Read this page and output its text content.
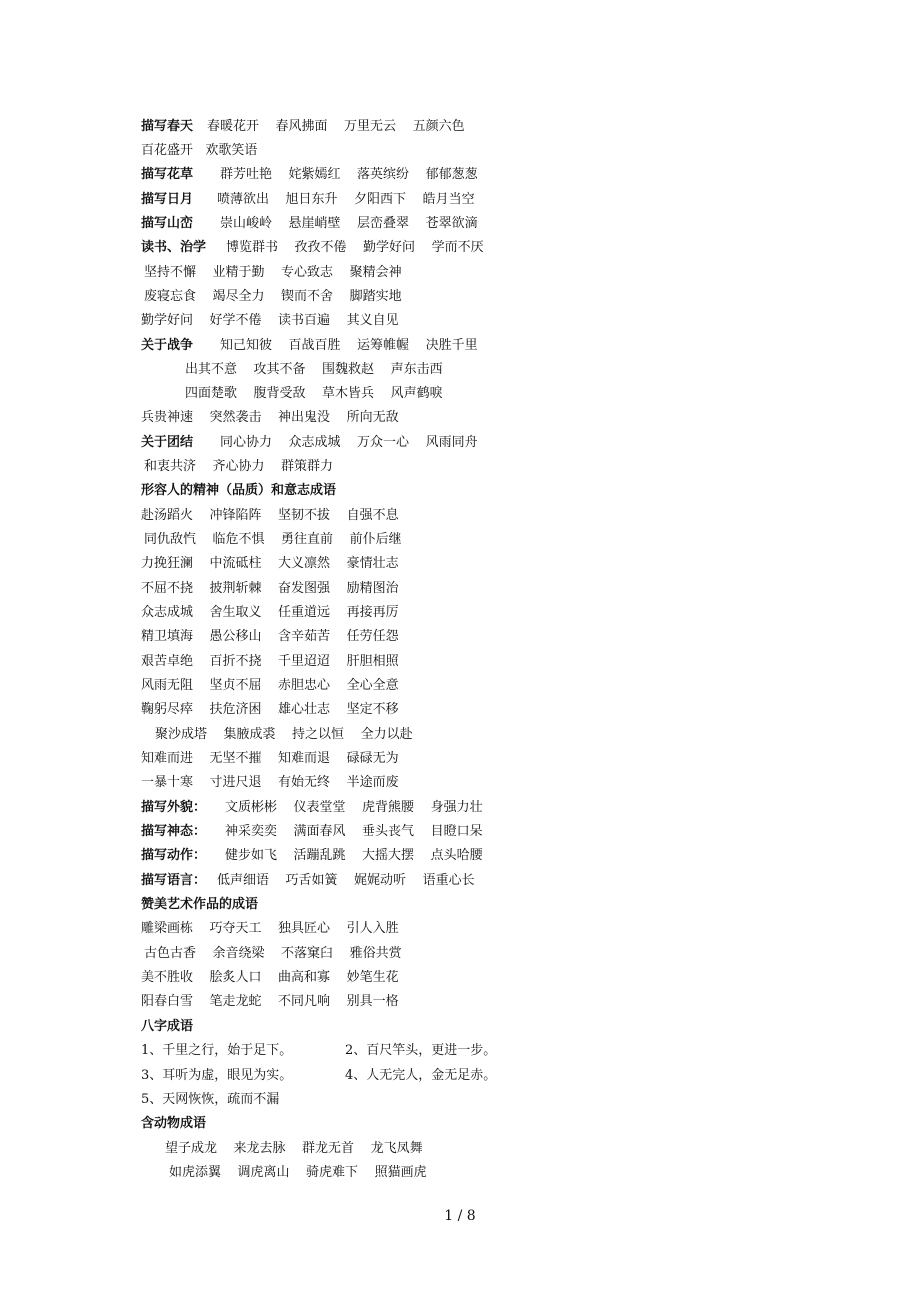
描写春天 春暖花开    春风拂面    万里无云    五颜六色
百花盛开   欢歌笑语
描写花草 群芳吐艳    姹紫嫣红    落英缤纷    郁郁葱葱
描写日月 喷薄欲出    旭日东升    夕阳西下    皓月当空
描写山峦 崇山峻岭    悬崖峭壁    层峦叠翠    苍翠欲滴
读书、治学 博览群书    孜孜不倦    勤学好问    学而不厌
坚持不懈    业精于勤    专心致志    聚精会神
废寝忘食    竭尽全力    锲而不舍    脚踏实地
勤学好问    好学不倦    读书百遍    其义自见
关于战争 知己知彼    百战百胜    运筹帷幄    决胜千里
出其不意    攻其不备    围魏救赵    声东击西
四面楚歌    腹背受敌    草木皆兵    风声鹤唳
兵贵神速    突然袭击    神出鬼没    所向无敌
关于团结 同心协力    众志成城    万众一心    风雨同舟
和衷共济    齐心协力    群策群力
形容人的精神（品质）和意志成语
赴汤蹈火    冲锋陷阵    坚韧不拔    自强不息
同仇敌忾    临危不惧    勇往直前    前仆后继
力挽狂澜    中流砥柱    大义凛然    豪情壮志
不屈不挠    披荆斩棘    奋发图强    励精图治
众志成城    舍生取义    任重道远    再接再厉
精卫填海    愚公移山    含辛茹苦    任劳任怨
艰苦卓绝    百折不挠    千里迢迢    肝胆相照
风雨无阻    坚贞不屈    赤胆忠心    全心全意
鞠躬尽瘁    扶危济困    雄心壮志    坚定不移
聚沙成塔    集腋成裘    持之以恒    全力以赴
知难而进    无坚不摧    知难而退    碌碌无为
一暴十寒    寸进尺退    有始无终    半途而废
描写外貌： 文质彬彬    仪表堂堂    虎背熊腰    身强力壮
描写神态： 神采奕奕    满面春风    垂头丧气    目瞪口呆
描写动作： 健步如飞    活蹦乱跳    大摇大摆    点头哈腰
描写语言： 低声细语    巧舌如簧    娓娓动听    语重心长
赞美艺术作品的成语
雕梁画栋    巧夺天工    独具匠心    引人入胜
古色古香    余音绕梁    不落窠臼    雅俗共赏
美不胜收    脍炙人口    曲高和寡    妙笔生花
阳春白雪    笔走龙蛇    不同凡响    别具一格
八字成语
1、千里之行，始于足下。	2、百尺竿头，更进一步。
3、耳听为虚，眼见为实。	4、人无完人，金无足赤。
5、天网恢恢，疏而不漏
含动物成语
望子成龙    来龙去脉    群龙无首    龙飞凤舞
如虎添翼    调虎离山    骑虎难下    照猫画虎
1 / 8
